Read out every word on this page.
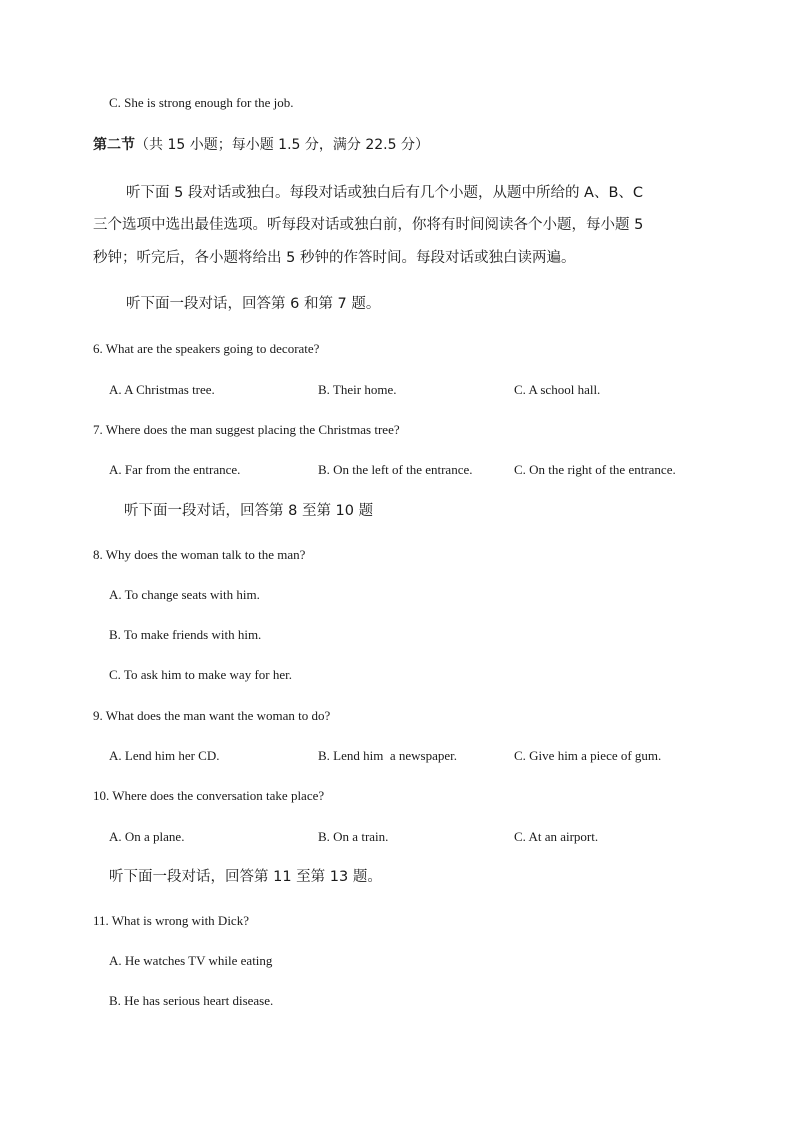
C. She is strong enough for the job.
第二节（共 15 小题；每小题 1.5 分，满分 22.5 分）
听下面 5 段对话或独白。每段对话或独白后有几个小题，从题中所给的 A、B、C
三个选项中选出最佳选项。听每段对话或独白前，你将有时间阅读各个小题，每小题 5
秒钟；听完后，各小题将给出 5 秒钟的作答时间。每段对话或独白读两遍。
听下面一段对话，回答第 6 和第 7 题。
6. What are the speakers going to decorate?
A. A Christmas tree.	B. Their home.	C. A school hall.
7. Where does the man suggest placing the Christmas tree?
A. Far from the entrance.	B. On the left of the entrance.	C. On the right of the entrance.
听下面一段对话，回答第 8 至第 10 题
8. Why does the woman talk to the man?
A. To change seats with him.
B. To make friends with him.
C. To ask him to make way for her.
9. What does the man want the woman to do?
A. Lend him her CD.	B. Lend him  a newspaper.	C. Give him a piece of gum.
10. Where does the conversation take place?
A. On a plane.	B. On a train.	C. At an airport.
听下面一段对话，回答第 11 至第 13 题。
11. What is wrong with Dick?
A. He watches TV while eating
B. He has serious heart disease.
